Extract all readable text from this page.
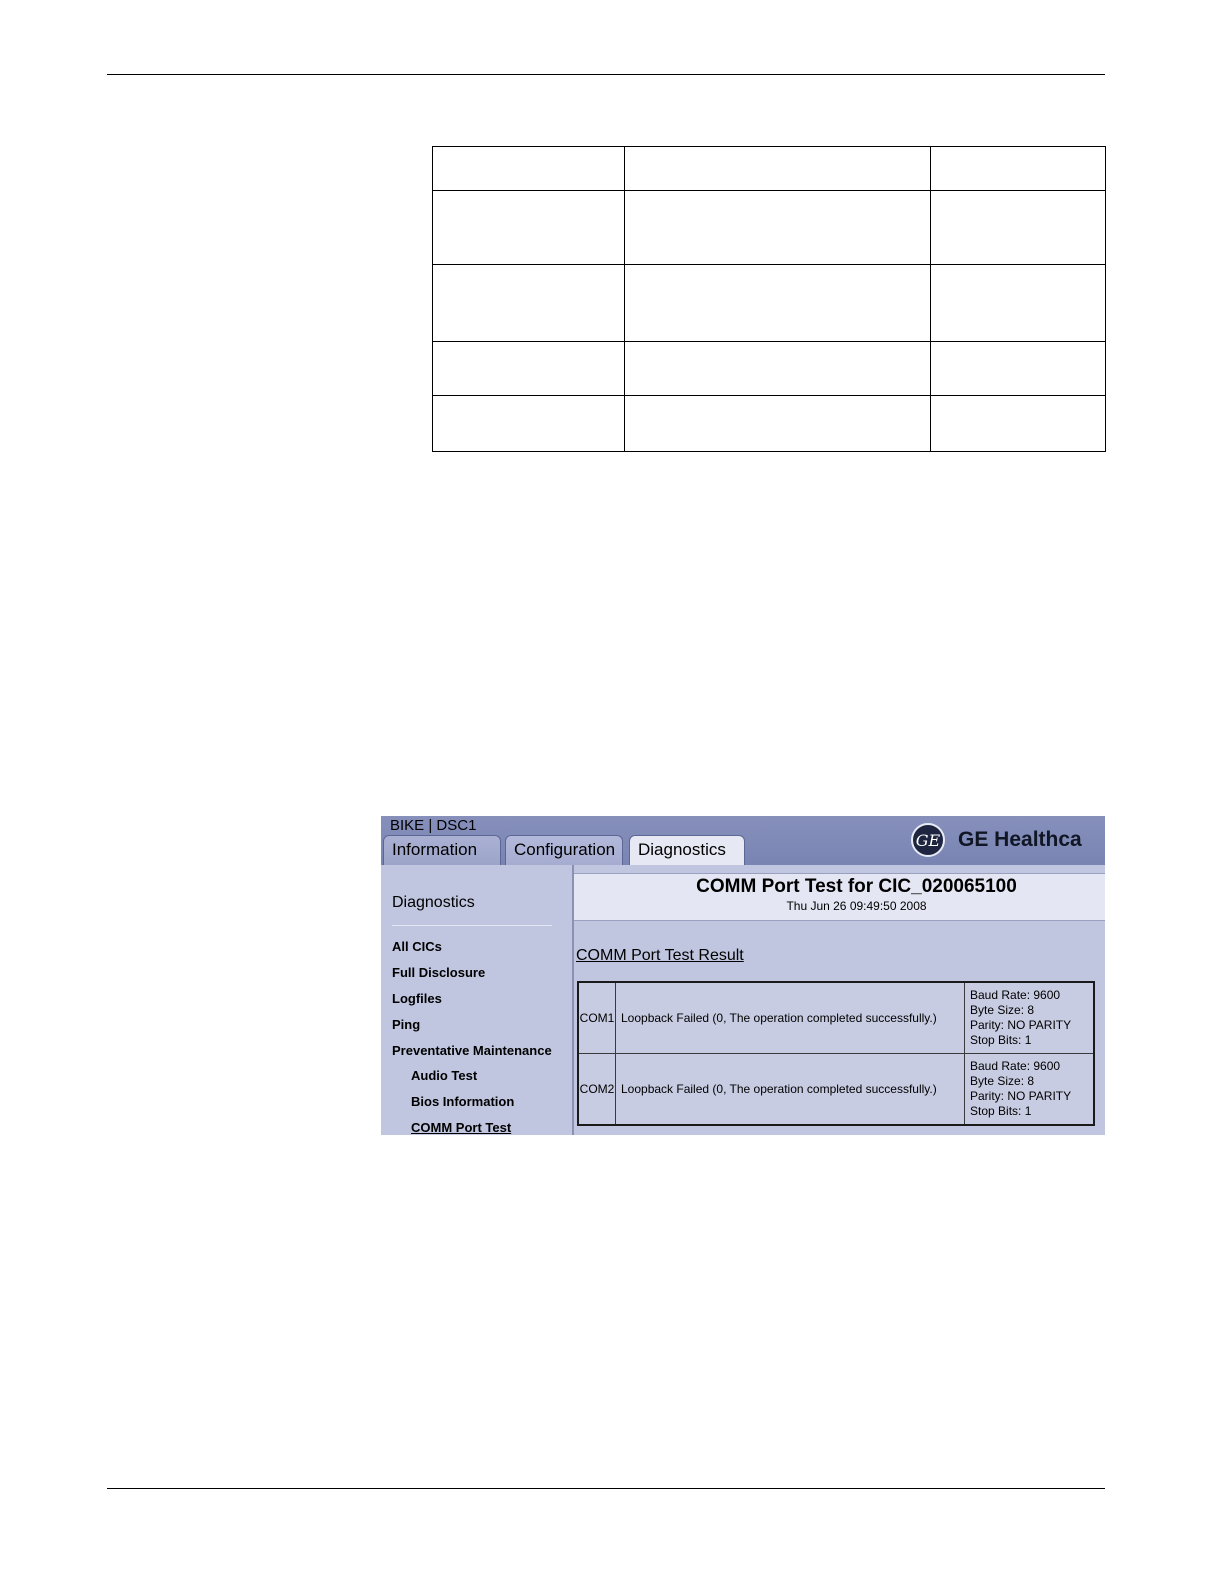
BIKE | DSC1
Information	Configuration	Diagnostics	GE GE Healthca
Diagnostics
All CICs
Full Disclosure
Logfiles
Ping
Preventative Maintenance
Audio Test
Bios Information
COMM Port Test
COMM Port Test for CIC_020065100
Thu Jun 26 09:49:50 2008
COMM Port Test Result
COM1	Loopback Failed (0, The operation completed successfully.)	Baud Rate: 9600
Byte Size: 8
Parity: NO PARITY
Stop Bits: 1

COM2	Loopback Failed (0, The operation completed successfully.)	Baud Rate: 9600
Byte Size: 8
Parity: NO PARITY
Stop Bits: 1
